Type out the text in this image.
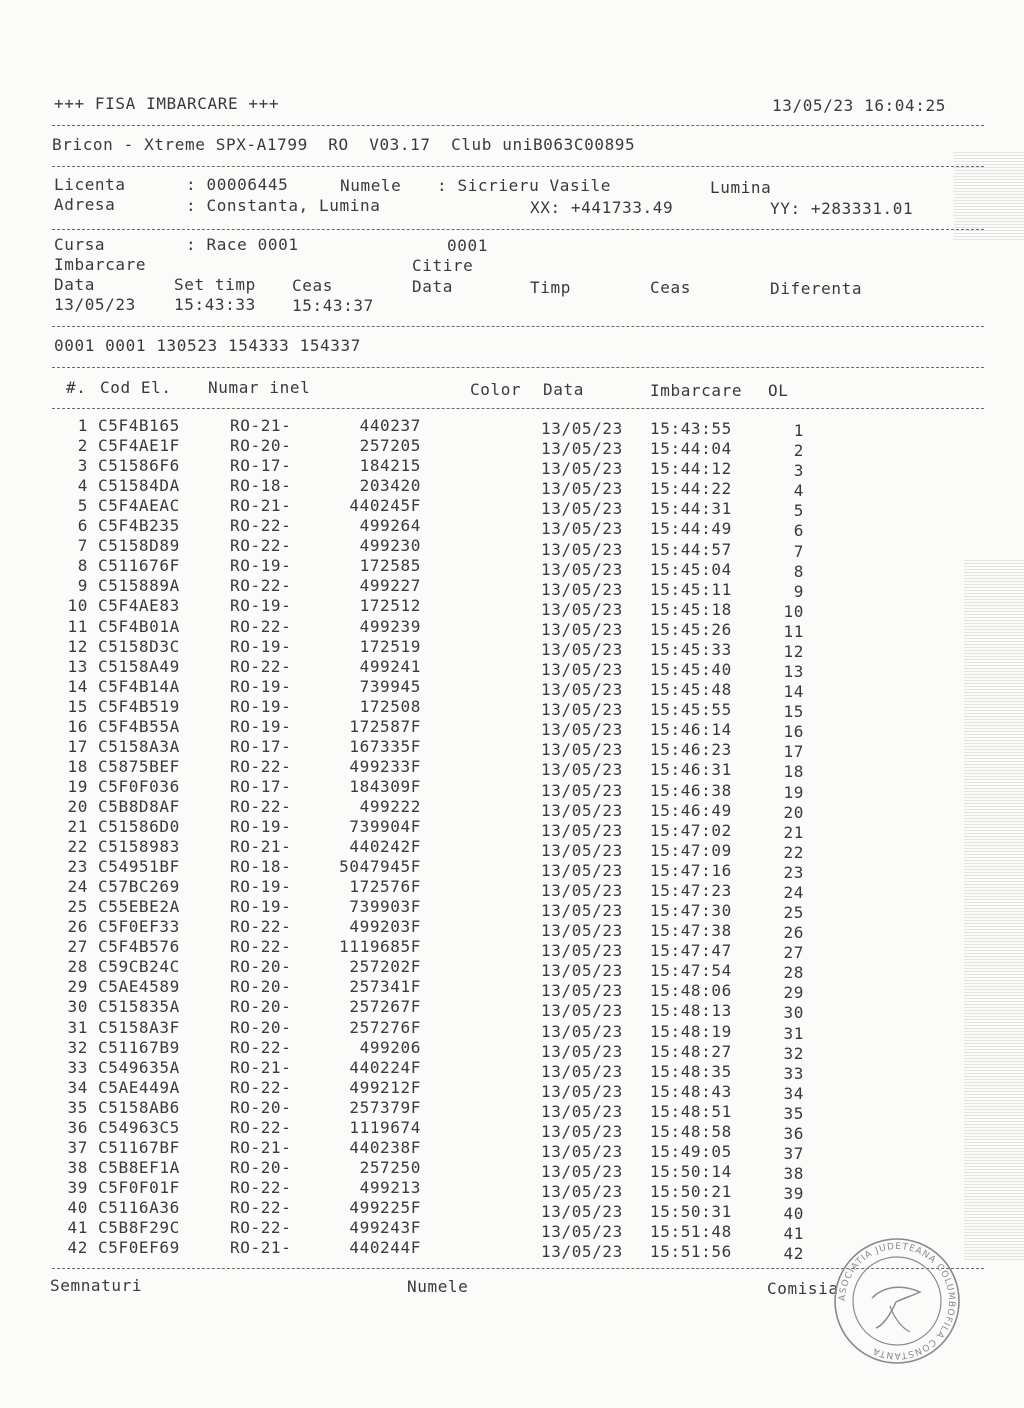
+++ FISA IMBARCARE +++	13/05/23 16:04:25
Bricon - Xtreme SPX-A1799  RO  V03.17  Club uniB063C00895
Licenta	: 00006445	Numele : Sicrieru Vasile	Lumina
Adresa	: Constanta, Lumina	XX: +441733.49	YY: +283331.01
Cursa	: Race 0001	0001
Imbarcare	Citire
Data	Set timp Ceas	Data	Timp	Ceas	Diferenta
13/05/23 15:43:33 15:43:37
0001 0001 130523 154333 154337
#. Cod El. Numar inel	Color Data	Imbarcare OL
1 C5F4B165	RO-21-	440237	13/05/23 15:43:55	1
2 C5F4AE1F	RO-20-	257205	13/05/23 15:44:04	2
3 C51586F6	RO-17-	184215	13/05/23 15:44:12	3
4 C51584DA	RO-18-	203420	13/05/23 15:44:22	4
5 C5F4AEAC	RO-21-	440245F	13/05/23 15:44:31	5
6 C5F4B235	RO-22-	499264	13/05/23 15:44:49	6
7 C5158D89	RO-22-	499230	13/05/23 15:44:57	7
8 C511676F	RO-19-	172585	13/05/23 15:45:04	8
9 C515889A	RO-22-	499227	13/05/23 15:45:11	9
10 C5F4AE83	RO-19-	172512	13/05/23 15:45:18	10
11 C5F4B01A	RO-22-	499239	13/05/23 15:45:26	11
12 C5158D3C	RO-19-	172519	13/05/23 15:45:33	12
13 C5158A49	RO-22-	499241	13/05/23 15:45:40	13
14 C5F4B14A	RO-19-	739945	13/05/23 15:45:48	14
15 C5F4B519	RO-19-	172508	13/05/23 15:45:55	15
16 C5F4B55A	RO-19-	172587F	13/05/23 15:46:14	16
17 C5158A3A	RO-17-	167335F	13/05/23 15:46:23	17
18 C5875BEF	RO-22-	499233F	13/05/23 15:46:31	18
19 C5F0F036	RO-17-	184309F	13/05/23 15:46:38	19
20 C5B8D8AF	RO-22-	499222	13/05/23 15:46:49	20
21 C51586D0	RO-19-	739904F	13/05/23 15:47:02	21
22 C5158983	RO-21-	440242F	13/05/23 15:47:09	22
23 C54951BF	RO-18-	5047945F	13/05/23 15:47:16	23
24 C57BC269	RO-19-	172576F	13/05/23 15:47:23	24
25 C55EBE2A	RO-19-	739903F	13/05/23 15:47:30	25
26 C5F0EF33	RO-22-	499203F	13/05/23 15:47:38	26
27 C5F4B576	RO-22-	1119685F	13/05/23 15:47:47	27
28 C59CB24C	RO-20-	257202F	13/05/23 15:47:54	28
29 C5AE4589	RO-20-	257341F	13/05/23 15:48:06	29
30 C515835A	RO-20-	257267F	13/05/23 15:48:13	30
31 C5158A3F	RO-20-	257276F	13/05/23 15:48:19	31
32 C51167B9	RO-22-	499206	13/05/23 15:48:27	32
33 C549635A	RO-21-	440224F	13/05/23 15:48:35	33
34 C5AE449A	RO-22-	499212F	13/05/23 15:48:43	34
35 C5158AB6	RO-20-	257379F	13/05/23 15:48:51	35
36 C54963C5	RO-22-	1119674	13/05/23 15:48:58	36
37 C51167BF	RO-21-	440238F	13/05/23 15:49:05	37
38 C5B8EF1A	RO-20-	257250	13/05/23 15:50:14	38
39 C5F0F01F	RO-22-	499213	13/05/23 15:50:21	39
40 C5116A36	RO-22-	499225F	13/05/23 15:50:31	40
41 C5B8F29C	RO-22-	499243F	13/05/23 15:51:48	41
42 C5F0EF69	RO-21-	440244F	13/05/23 15:51:56	42
Semnaturi	Numele	Comisia ASOCIATIA JUDETEANA COLUMBOFILA CONSTANTA
